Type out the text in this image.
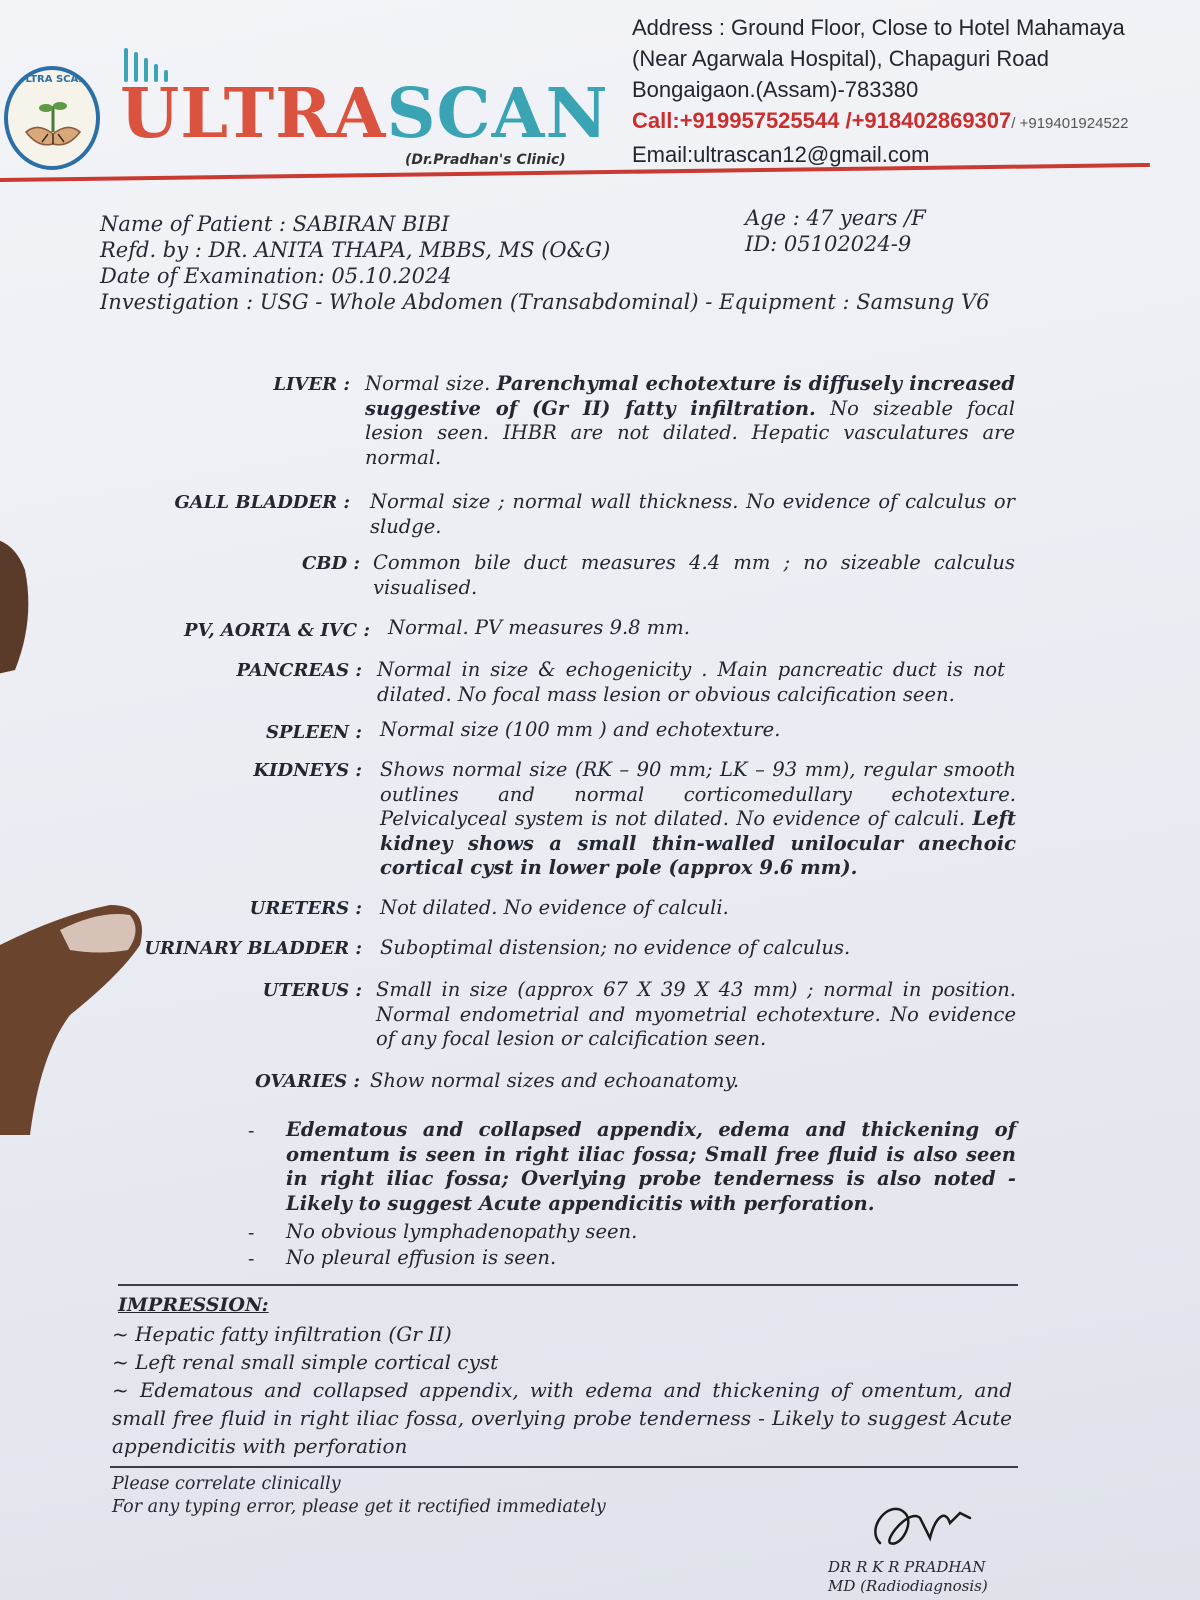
ULTRA SCAN ULTRASCAN
(Dr.Pradhan's Clinic)
Address : Ground Floor, Close to Hotel Mahamaya
(Near Agarwala Hospital), Chapaguri Road
Bongaigaon.(Assam)-783380
Call:+919957525544 /+918402869307/ +919401924522
Email:ultrascan12@gmail.com
Name of Patient : SABIRAN BIBI
Refd. by : DR. ANITA THAPA, MBBS, MS (O&G)
Date of Examination: 05.10.2024
Investigation : USG - Whole Abdomen (Transabdominal) - Equipment : Samsung V6
Age : 47 years /F
ID: 05102024-9
LIVER : Normal size. Parenchymal echotexture is diffusely increased suggestive of (Gr II) fatty infiltration. No sizeable focal lesion seen. IHBR are not dilated. Hepatic vasculatures are normal.
GALL BLADDER : Normal size ; normal wall thickness. No evidence of calculus or sludge.
CBD : Common bile duct measures 4.4 mm ; no sizeable calculus visualised.
PV, AORTA & IVC : Normal. PV measures 9.8 mm.
PANCREAS : Normal in size & echogenicity . Main pancreatic duct is not dilated. No focal mass lesion or obvious calcification seen.
SPLEEN : Normal size (100 mm ) and echotexture.
KIDNEYS : Shows normal size (RK – 90 mm; LK – 93 mm), regular smooth outlines and normal corticomedullary echotexture. Pelvicalyceal system is not dilated. No evidence of calculi. Left kidney shows a small thin-walled unilocular anechoic cortical cyst in lower pole (approx 9.6 mm).
URETERS : Not dilated. No evidence of calculi.
URINARY BLADDER : Suboptimal distension; no evidence of calculus.
UTERUS : Small in size (approx 67 X 39 X 43 mm) ; normal in position. Normal endometrial and myometrial echotexture. No evidence of any focal lesion or calcification seen.
OVARIES : Show normal sizes and echoanatomy.
- Edematous and collapsed appendix, edema and thickening of omentum is seen in right iliac fossa; Small free fluid is also seen in right iliac fossa; Overlying probe tenderness is also noted - Likely to suggest Acute appendicitis with perforation.
- No obvious lymphadenopathy seen.
- No pleural effusion is seen.
IMPRESSION:
~ Hepatic fatty infiltration (Gr II)
~ Left renal small simple cortical cyst
~ Edematous and collapsed appendix, with edema and thickening of omentum, and small free fluid in right iliac fossa, overlying probe tenderness - Likely to suggest Acute appendicitis with perforation
Please correlate clinically
For any typing error, please get it rectified immediately
DR R K R PRADHAN
MD (Radiodiagnosis)
